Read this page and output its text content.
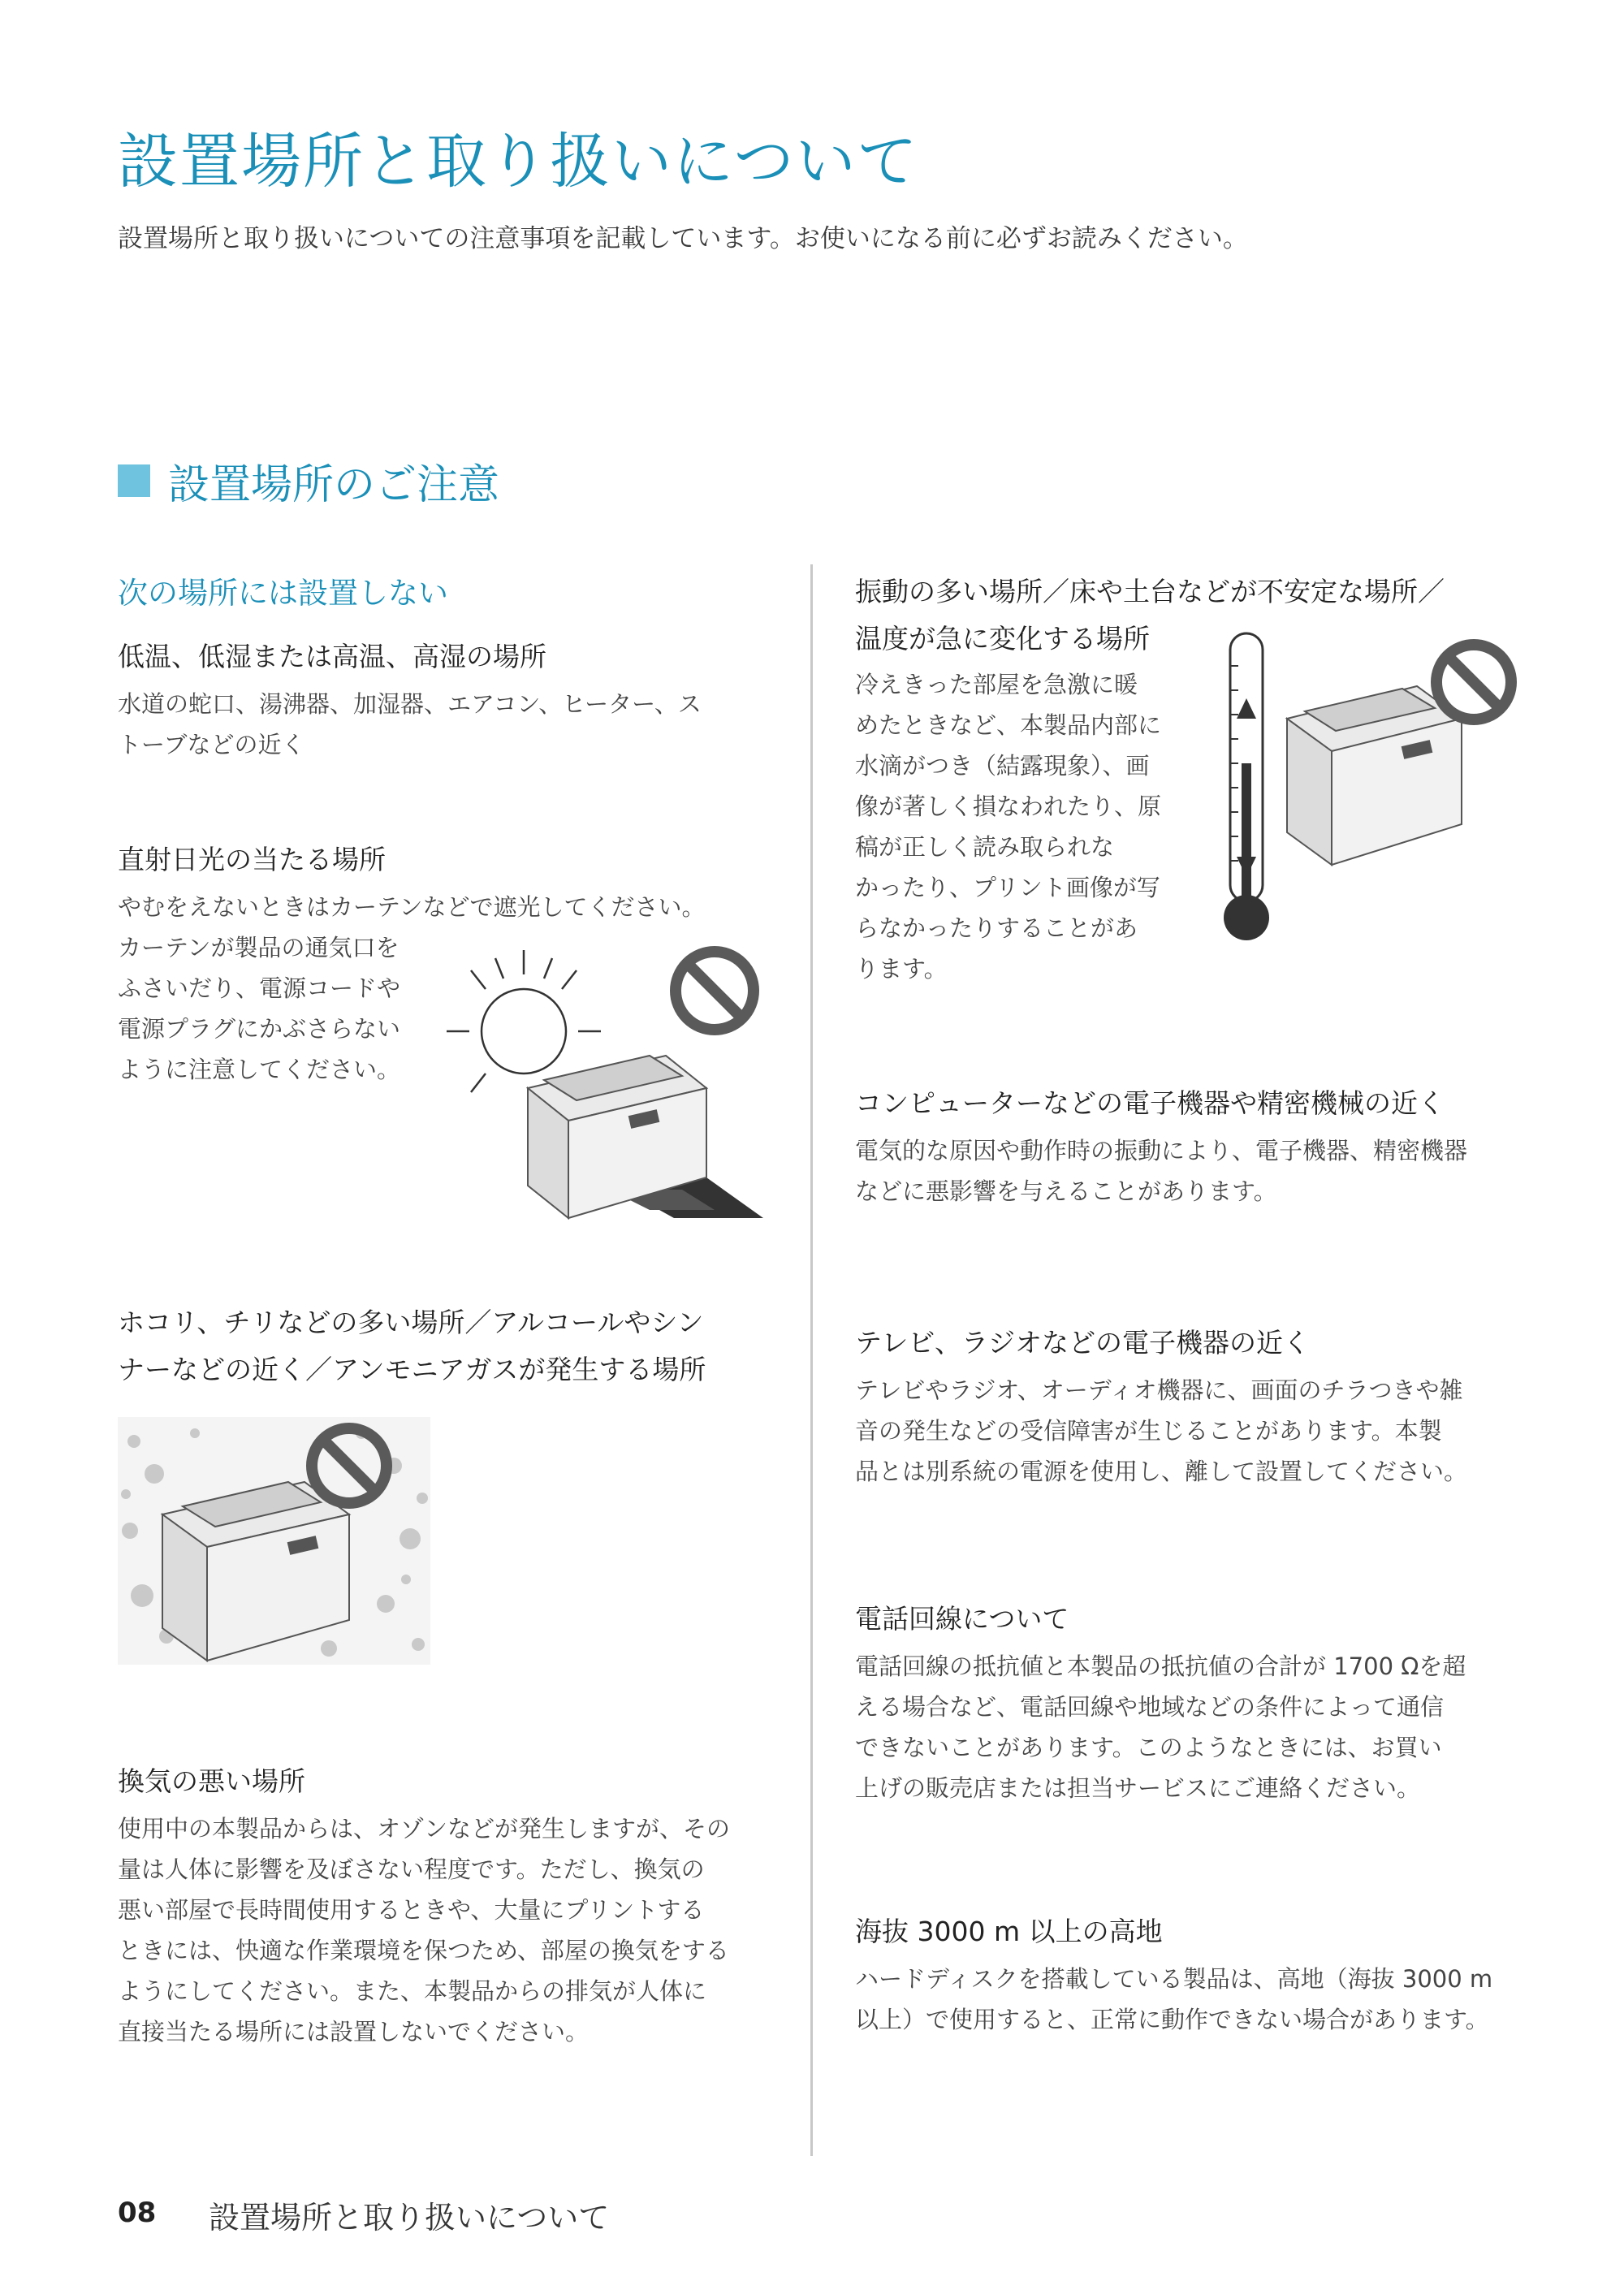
設置場所と取り扱いについて
設置場所と取り扱いについての注意事項を記載しています。お使いになる前に必ずお読みください。
設置場所のご注意
次の場所には設置しない
低温、低湿または高温、高湿の場所
水道の蛇口、湯沸器、加湿器、エアコン、ヒーター、ス
トーブなどの近く
直射日光の当たる場所
やむをえないときはカーテンなどで遮光してください。
カーテンが製品の通気口を
ふさいだり、電源コードや
電源プラグにかぶさらない
ように注意してください。
ホコリ、チリなどの多い場所／アルコールやシン
ナーなどの近く／アンモニアガスが発生する場所
換気の悪い場所
使用中の本製品からは、オゾンなどが発生しますが、その
量は人体に影響を及ぼさない程度です。ただし、換気の
悪い部屋で長時間使用するときや、大量にプリントする
ときには、快適な作業環境を保つため、部屋の換気をする
ようにしてください。また、本製品からの排気が人体に
直接当たる場所には設置しないでください。
振動の多い場所／床や土台などが不安定な場所／
温度が急に変化する場所
冷えきった部屋を急激に暖
めたときなど、本製品内部に
水滴がつき（結露現象）、画
像が著しく損なわれたり、原
稿が正しく読み取られな
かったり、プリント画像が写
らなかったりすることがあ
ります。
コンピューターなどの電子機器や精密機械の近く
電気的な原因や動作時の振動により、電子機器、精密機器
などに悪影響を与えることがあります。
テレビ、ラジオなどの電子機器の近く
テレビやラジオ、オーディオ機器に、画面のチラつきや雑
音の発生などの受信障害が生じることがあります。本製
品とは別系統の電源を使用し、離して設置してください。
電話回線について
電話回線の抵抗値と本製品の抵抗値の合計が 1700 Ωを超
える場合など、電話回線や地域などの条件によって通信
できないことがあります。このようなときには、お買い
上げの販売店または担当サービスにご連絡ください。
海抜 3000 m 以上の高地
ハードディスクを搭載している製品は、高地（海抜 3000 m
以上）で使用すると、正常に動作できない場合があります。
08 設置場所と取り扱いについて
